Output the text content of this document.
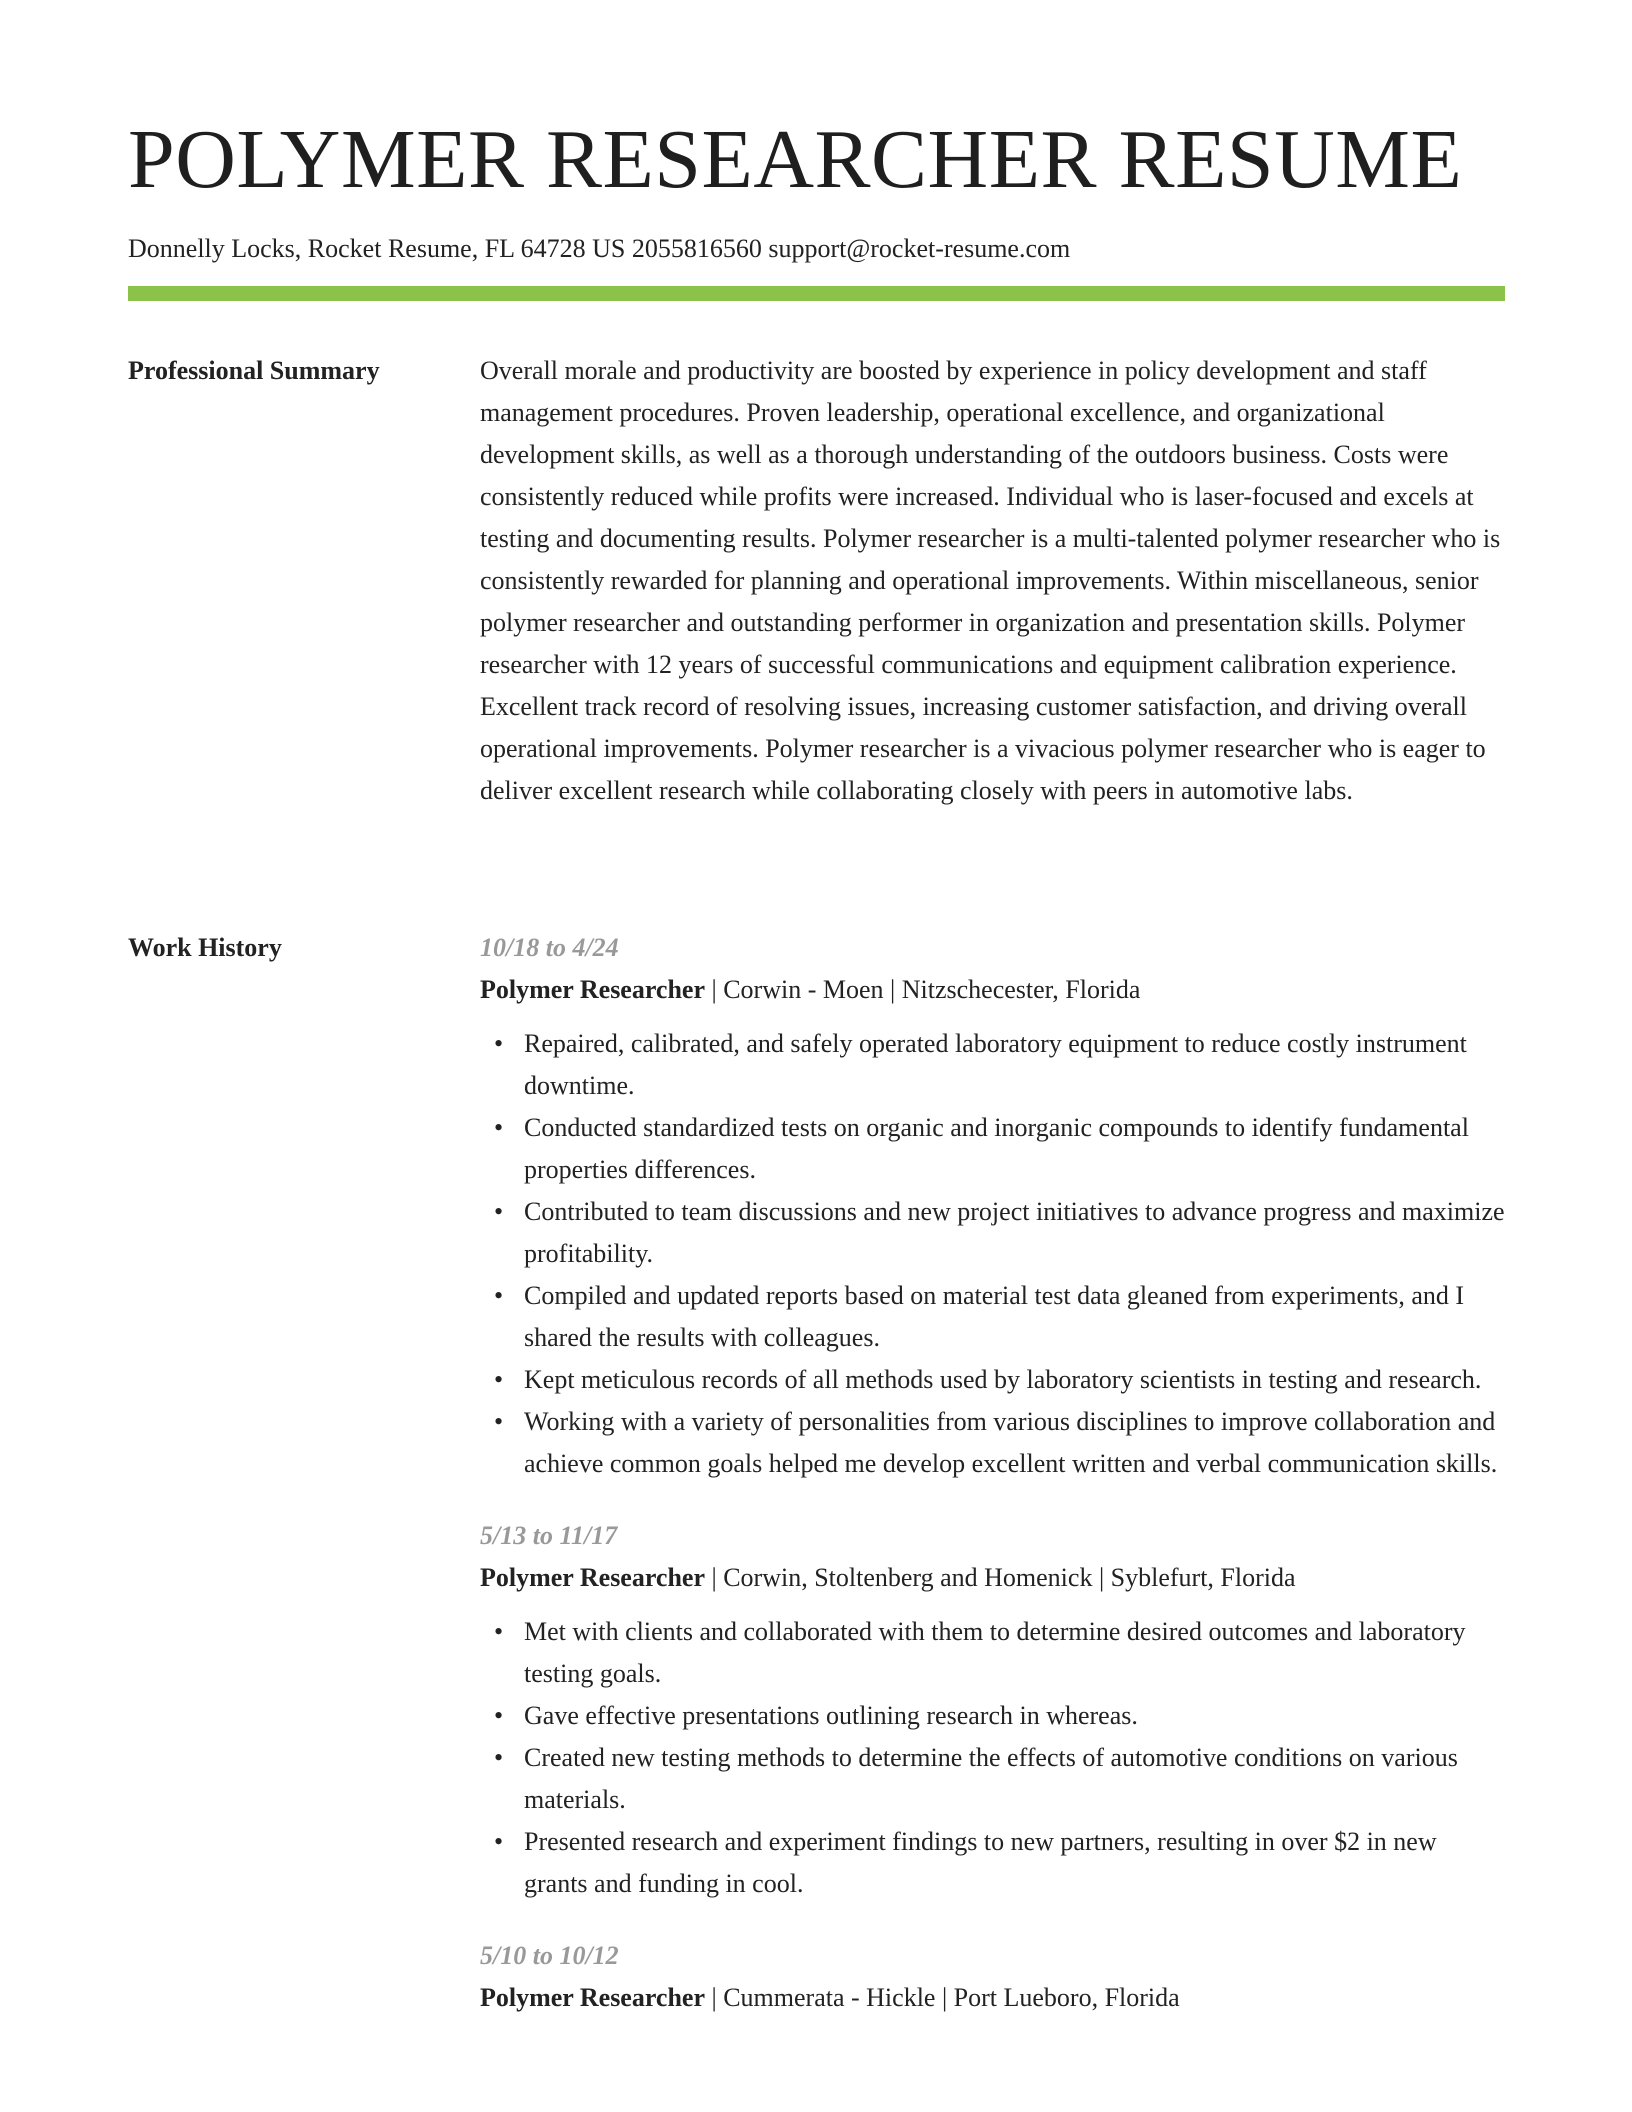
POLYMER RESEARCHER RESUME
Donnelly Locks, Rocket Resume, FL 64728 US 2055816560 support@rocket-resume.com
Professional Summary	Overall morale and productivity are boosted by experience in policy development and staff management procedures. Proven leadership, operational excellence, and organizational development skills, as well as a thorough understanding of the outdoors business. Costs were consistently reduced while profits were increased. Individual who is laser-focused and excels at testing and documenting results. Polymer researcher is a multi-talented polymer researcher who is consistently rewarded for planning and operational improvements. Within miscellaneous, senior polymer researcher and outstanding performer in organization and presentation skills. Polymer researcher with 12 years of successful communications and equipment calibration experience. Excellent track record of resolving issues, increasing customer satisfaction, and driving overall operational improvements. Polymer researcher is a vivacious polymer researcher who is eager to deliver excellent research while collaborating closely with peers in automotive labs.

Work History	10/18 to 4/24
Polymer Researcher | Corwin - Moen | Nitzschecester, Florida
• Repaired, calibrated, and safely operated laboratory equipment to reduce costly instrument downtime.
• Conducted standardized tests on organic and inorganic compounds to identify fundamental properties differences.
• Contributed to team discussions and new project initiatives to advance progress and maximize profitability.
• Compiled and updated reports based on material test data gleaned from experiments, and I shared the results with colleagues.
• Kept meticulous records of all methods used by laboratory scientists in testing and research.
• Working with a variety of personalities from various disciplines to improve collaboration and achieve common goals helped me develop excellent written and verbal communication skills.
5/13 to 11/17
Polymer Researcher | Corwin, Stoltenberg and Homenick | Syblefurt, Florida
• Met with clients and collaborated with them to determine desired outcomes and laboratory testing goals.
• Gave effective presentations outlining research in whereas.
• Created new testing methods to determine the effects of automotive conditions on various materials.
• Presented research and experiment findings to new partners, resulting in over $2 in new grants and funding in cool.
5/10 to 10/12
Polymer Researcher | Cummerata - Hickle | Port Lueboro, Florida
